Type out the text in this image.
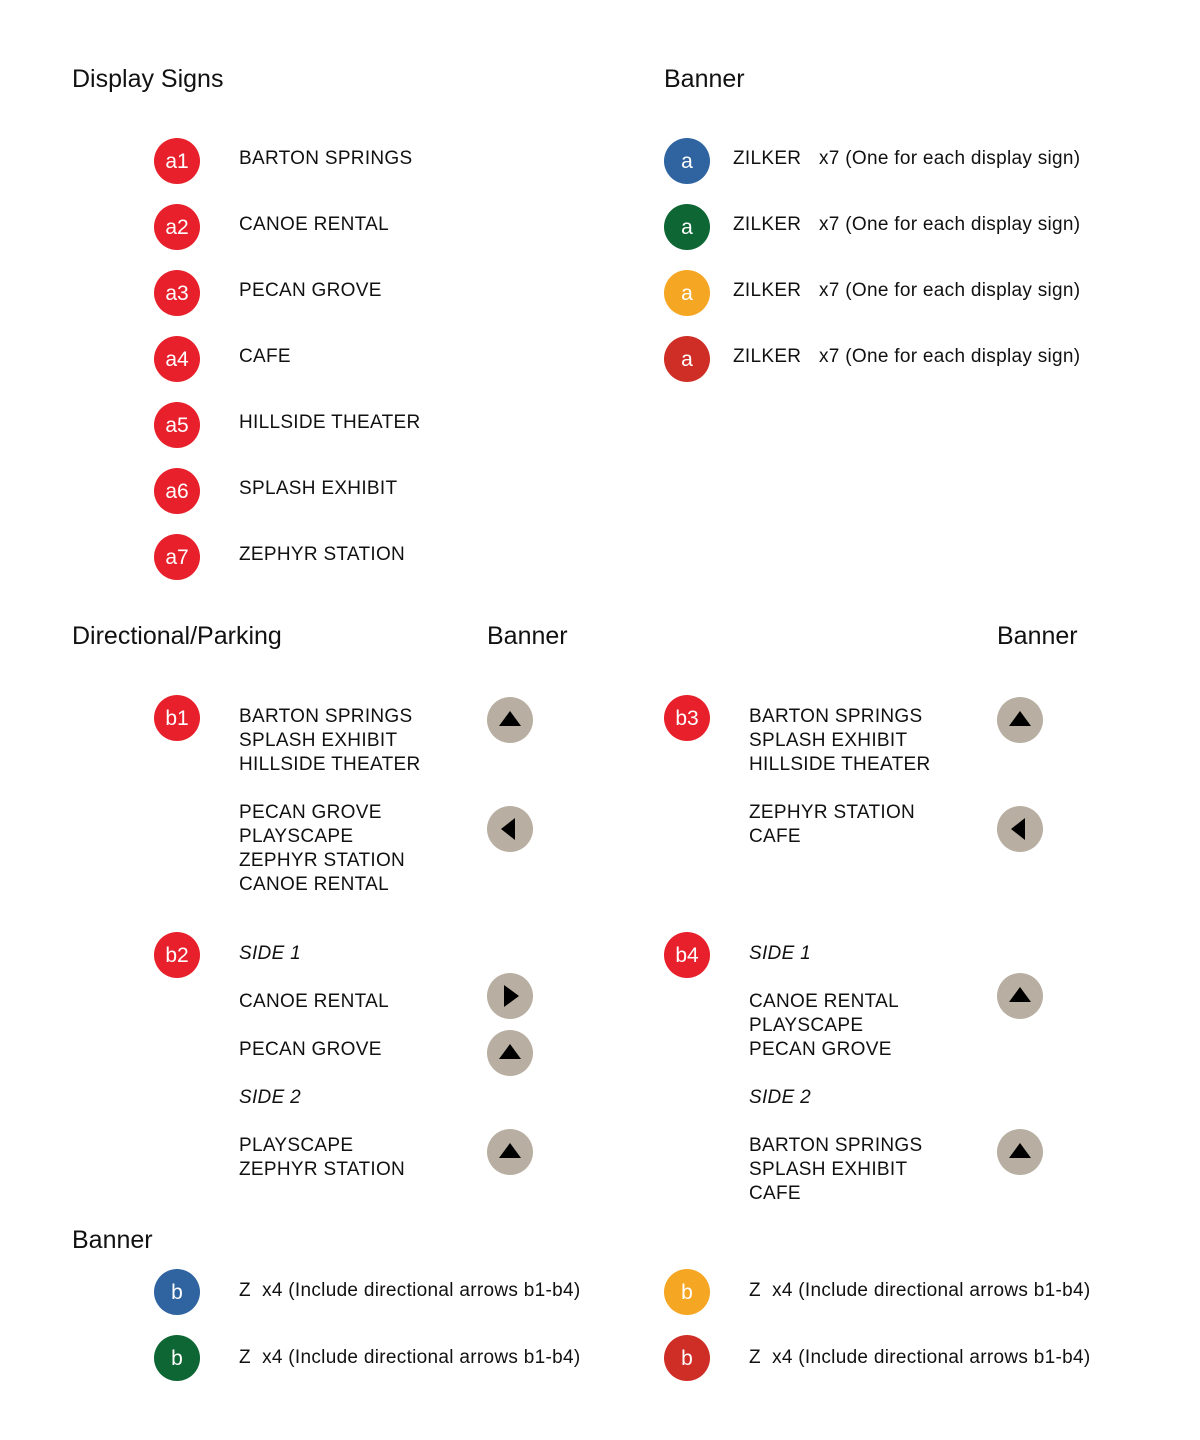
Display Signs
a1	BARTON SPRINGS
a2	CANOE RENTAL
a3	PECAN GROVE
a4	CAFE
a5	HILLSIDE THEATER
a6	SPLASH EXHIBIT
a7	ZEPHYR STATION
Banner
a	ZILKER x7 (One for each display sign)
a	ZILKER x7 (One for each display sign)
a	ZILKER x7 (One for each display sign)
a	ZILKER x7 (One for each display sign)
Directional/Parking	Banner	Banner
b1	BARTON SPRINGS
SPLASH EXHIBIT
HILLSIDE THEATER
PECAN GROVE
PLAYSCAPE
ZEPHYR STATION
CANOE RENTAL
b3	BARTON SPRINGS
SPLASH EXHIBIT
HILLSIDE THEATER
ZEPHYR STATION
CAFE
b2	SIDE 1
CANOE RENTAL
PECAN GROVE
SIDE 2
PLAYSCAPE
ZEPHYR STATION
b4	SIDE 1
CANOE RENTAL
PLAYSCAPE
PECAN GROVE
SIDE 2
BARTON SPRINGS
SPLASH EXHIBIT
CAFE
Banner
b	Z  x4 (Include directional arrows b1-b4)
b	Z  x4 (Include directional arrows b1-b4)
b	Z  x4 (Include directional arrows b1-b4)
b	Z  x4 (Include directional arrows b1-b4)
